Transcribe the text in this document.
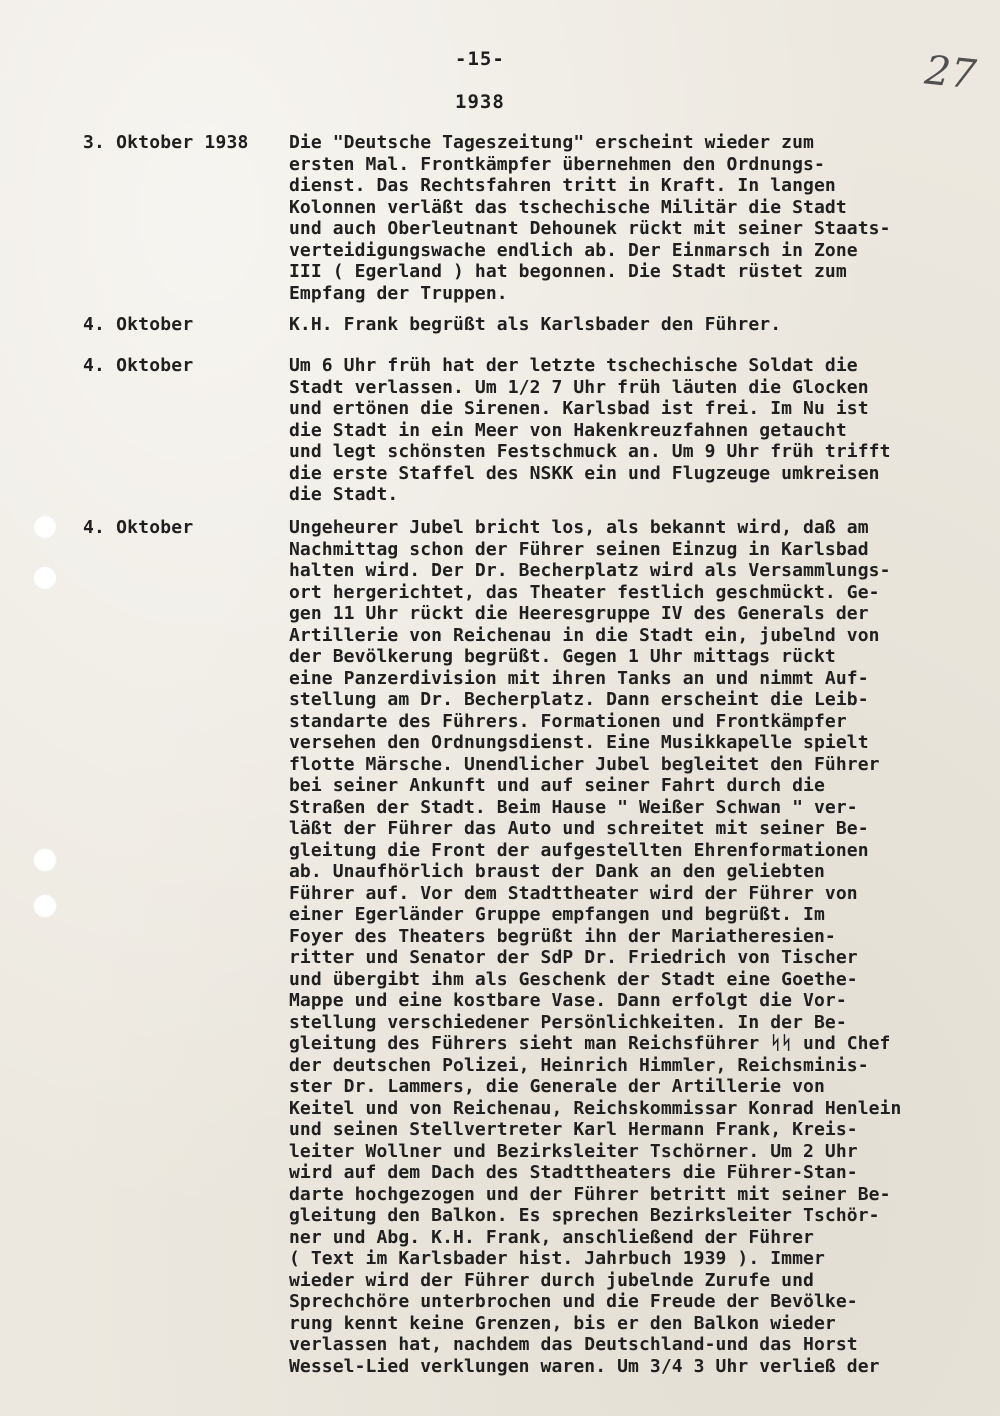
-15-
1938
27
3. Oktober 1938	Die "Deutsche Tageszeitung" erscheint wieder zum
ersten Mal. Frontkämpfer übernehmen den Ordnungs-
dienst. Das Rechtsfahren tritt in Kraft. In langen
Kolonnen verläßt das tschechische Militär die Stadt
und auch Oberleutnant Dehounek rückt mit seiner Staats-
verteidigungswache endlich ab. Der Einmarsch in Zone
III ( Egerland ) hat begonnen. Die Stadt rüstet zum
Empfang der Truppen.
4. Oktober	K.H. Frank begrüßt als Karlsbader den Führer.
4. Oktober	Um 6 Uhr früh hat der letzte tschechische Soldat die
Stadt verlassen. Um 1/2 7 Uhr früh läuten die Glocken
und ertönen die Sirenen. Karlsbad ist frei. Im Nu ist
die Stadt in ein Meer von Hakenkreuzfahnen getaucht
und legt schönsten Festschmuck an. Um 9 Uhr früh trifft
die erste Staffel des NSKK ein und Flugzeuge umkreisen
die Stadt.
4. Oktober	Ungeheurer Jubel bricht los, als bekannt wird, daß am
Nachmittag schon der Führer seinen Einzug in Karlsbad
halten wird. Der Dr. Becherplatz wird als Versammlungs-
ort hergerichtet, das Theater festlich geschmückt. Ge-
gen 11 Uhr rückt die Heeresgruppe IV des Generals der
Artillerie von Reichenau in die Stadt ein, jubelnd von
der Bevölkerung begrüßt. Gegen 1 Uhr mittags rückt
eine Panzerdivision mit ihren Tanks an und nimmt Auf-
stellung am Dr. Becherplatz. Dann erscheint die Leib-
standarte des Führers. Formationen und Frontkämpfer
versehen den Ordnungsdienst. Eine Musikkapelle spielt
flotte Märsche. Unendlicher Jubel begleitet den Führer
bei seiner Ankunft und auf seiner Fahrt durch die
Straßen der Stadt. Beim Hause " Weißer Schwan " ver-
läßt der Führer das Auto und schreitet mit seiner Be-
gleitung die Front der aufgestellten Ehrenformationen
ab. Unaufhörlich braust der Dank an den geliebten
Führer auf. Vor dem Stadttheater wird der Führer von
einer Egerländer Gruppe empfangen und begrüßt. Im
Foyer des Theaters begrüßt ihn der Mariatheresien-
ritter und Senator der SdP Dr. Friedrich von Tischer
und übergibt ihm als Geschenk der Stadt eine Goethe-
Mappe und eine kostbare Vase. Dann erfolgt die Vor-
stellung verschiedener Persönlichkeiten. In der Be-
gleitung des Führers sieht man Reichsführer ᛋᛋ und Chef
der deutschen Polizei, Heinrich Himmler, Reichsminis-
ster Dr. Lammers, die Generale der Artillerie von
Keitel und von Reichenau, Reichskommissar Konrad Henlein
und seinen Stellvertreter Karl Hermann Frank, Kreis-
leiter Wollner und Bezirksleiter Tschörner. Um 2 Uhr
wird auf dem Dach des Stadttheaters die Führer-Stan-
darte hochgezogen und der Führer betritt mit seiner Be-
gleitung den Balkon. Es sprechen Bezirksleiter Tschör-
ner und Abg. K.H. Frank, anschließend der Führer
( Text im Karlsbader hist. Jahrbuch 1939 ). Immer
wieder wird der Führer durch jubelnde Zurufe und
Sprechchöre unterbrochen und die Freude der Bevölke-
rung kennt keine Grenzen, bis er den Balkon wieder
verlassen hat, nachdem das Deutschland-und das Horst
Wessel-Lied verklungen waren. Um 3/4 3 Uhr verließ der
